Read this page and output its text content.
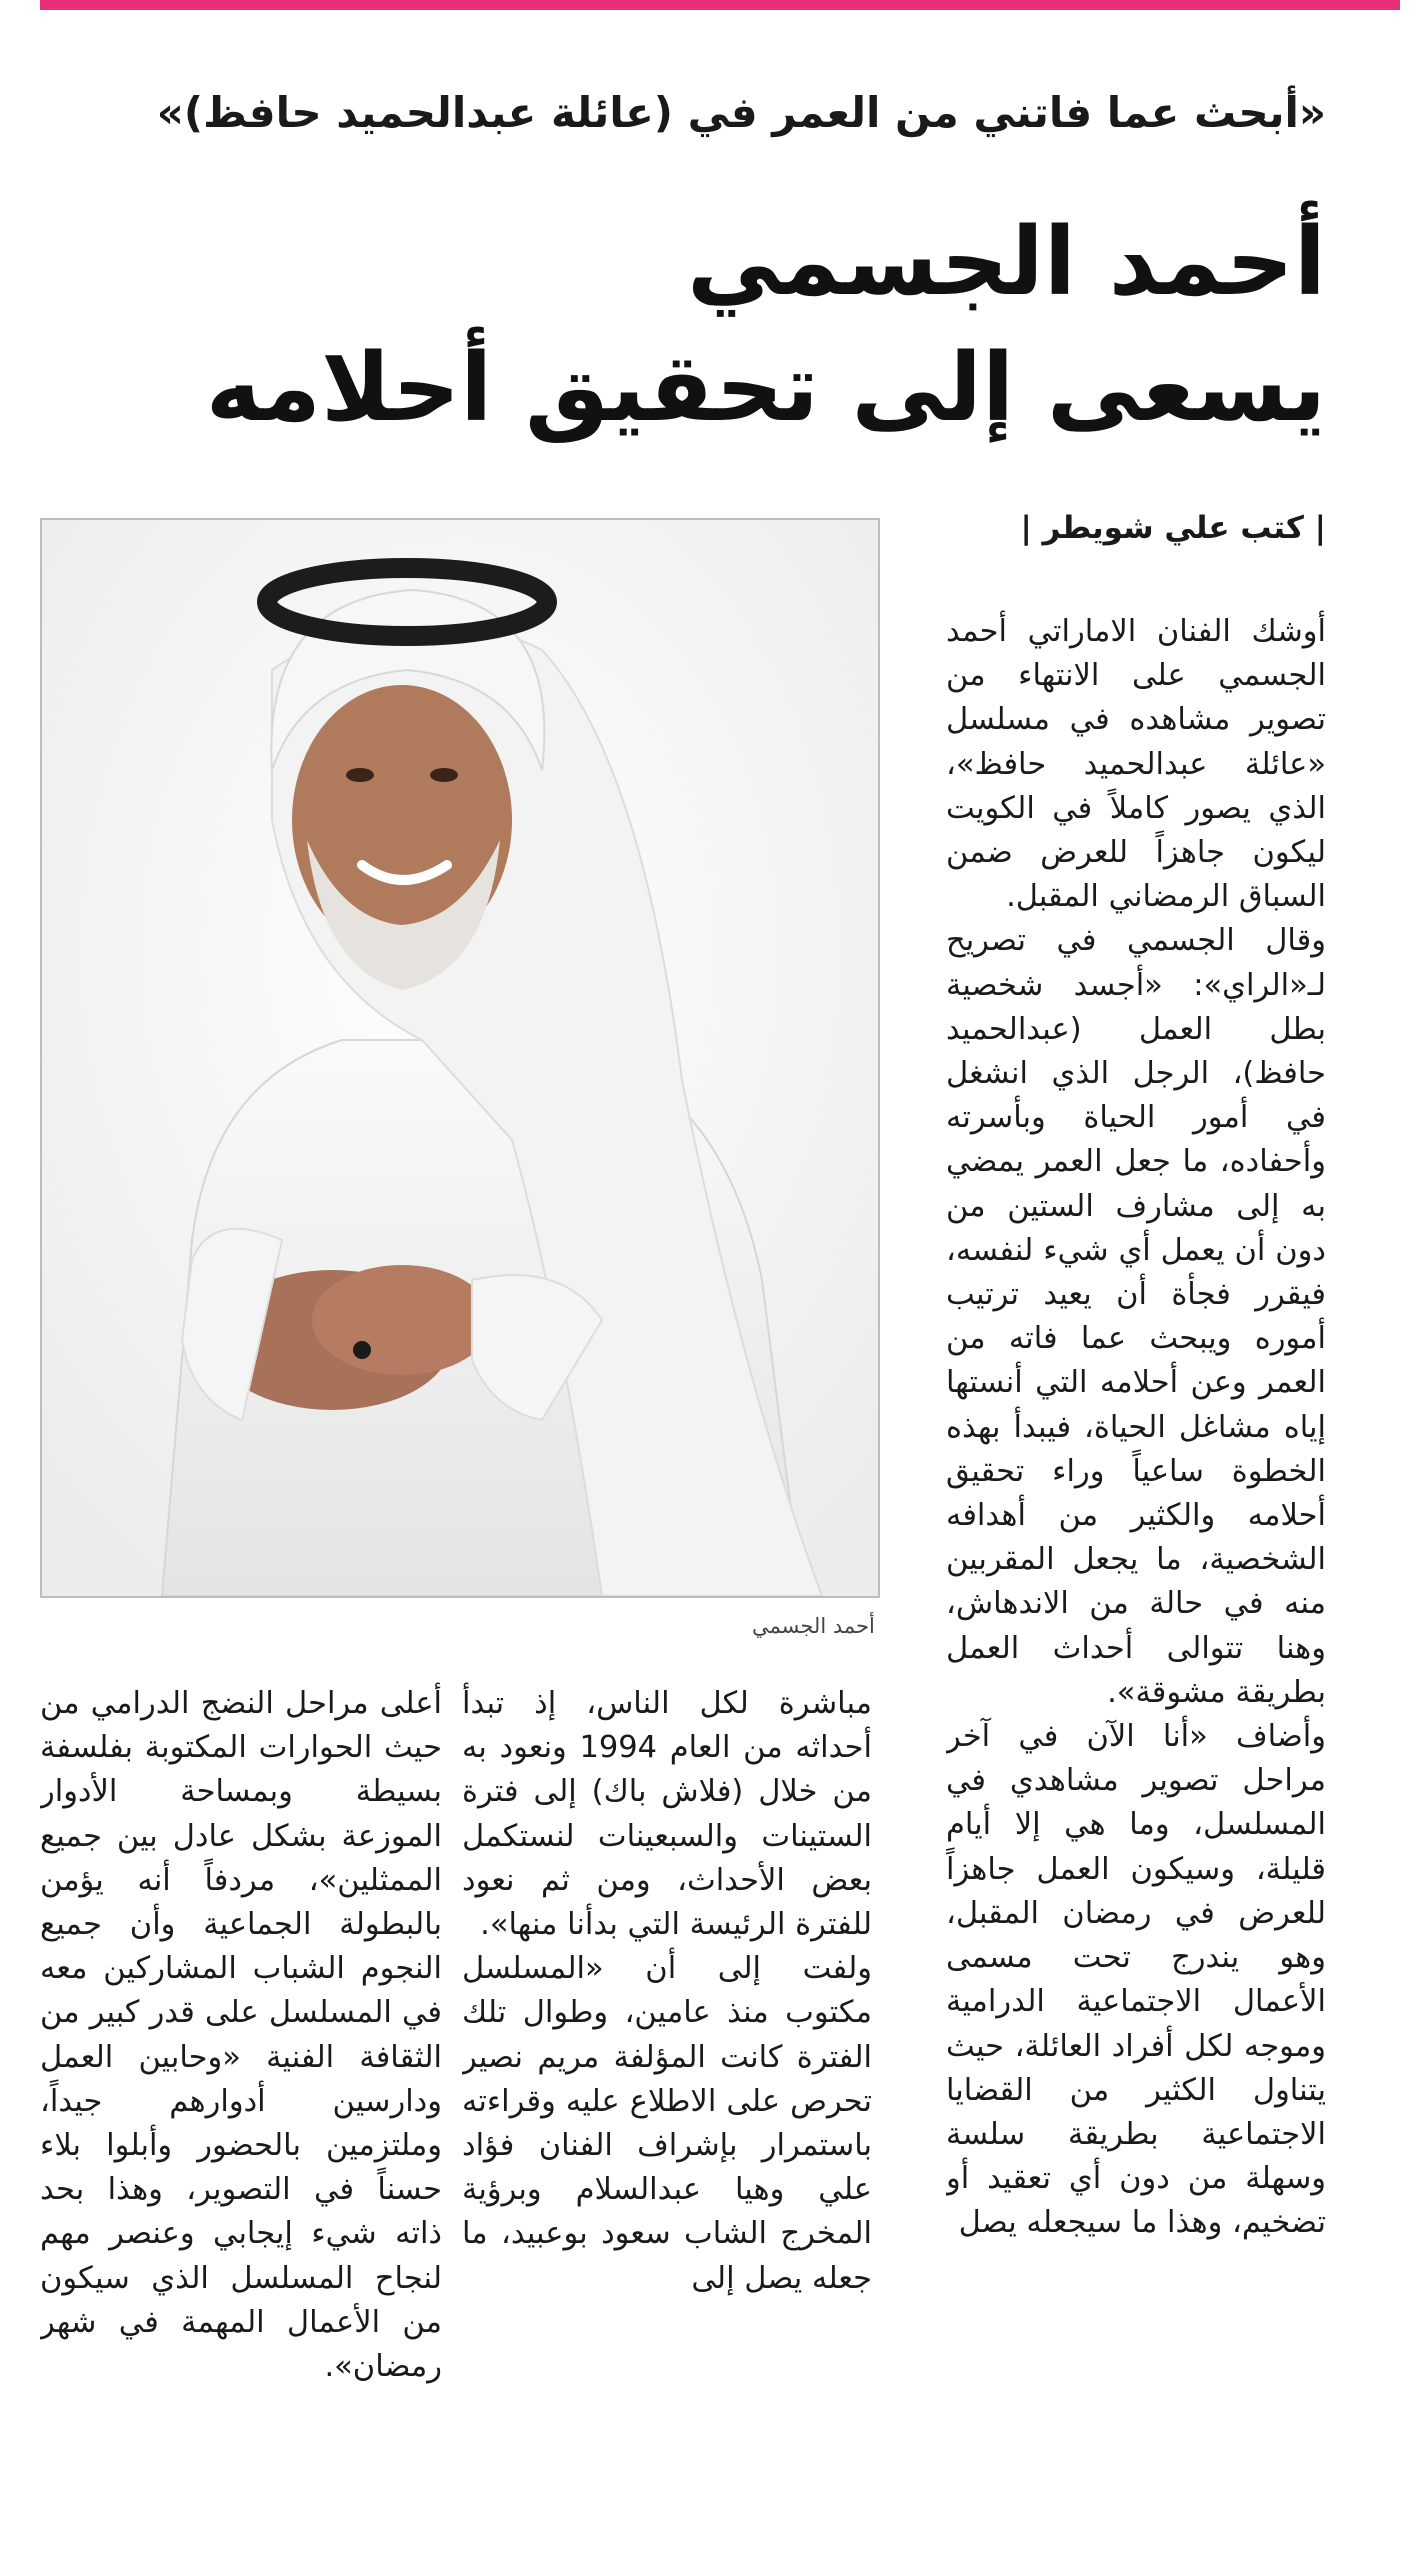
«أبحث عما فاتني من العمر في (عائلة عبدالحميد حافظ)»
أحمد الجسمي
يسعى إلى تحقيق أحلامه
| كتب علي شويطر |
أحمد الجسمي

أوشك الفنان الاماراتي أحمد الجسمي على الانتهاء من تصوير مشاهده في مسلسل «عائلة عبدالحميد حافظ»، الذي يصور كاملاً في الكويت ليكون جاهزاً للعرض ضمن السباق الرمضاني المقبل.

وقال الجسمي في تصريح لـ«الراي»: «أجسد شخصية بطل العمل (عبدالحميد حافظ)، الرجل الذي انشغل في أمور الحياة وبأسرته وأحفاده، ما جعل العمر يمضي به إلى مشارف الستين من دون أن يعمل أي شيء لنفسه، فيقرر فجأة أن يعيد ترتيب أموره ويبحث عما فاته من العمر وعن أحلامه التي أنستها إياه مشاغل الحياة، فيبدأ بهذه الخطوة ساعياً وراء تحقيق أحلامه والكثير من أهدافه الشخصية، ما يجعل المقربين منه في حالة من الاندهاش، وهنا تتوالى أحداث العمل بطريقة مشوقة».

وأضاف «أنا الآن في آخر مراحل تصوير مشاهدي في المسلسل، وما هي إلا أيام قليلة، وسيكون العمل جاهزاً للعرض في رمضان المقبل، وهو يندرج تحت مسمى الأعمال الاجتماعية الدرامية وموجه لكل أفراد العائلة، حيث يتناول الكثير من القضايا الاجتماعية بطريقة سلسة وسهلة من دون أي تعقيد أو تضخيم، وهذا ما سيجعله يصل

مباشرة لكل الناس، إذ تبدأ أحداثه من العام 1994 ونعود به من خلال (فلاش باك) إلى فترة الستينات والسبعينات لنستكمل بعض الأحداث، ومن ثم نعود للفترة الرئيسة التي بدأنا منها».

ولفت إلى أن «المسلسل مكتوب منذ عامين، وطوال تلك الفترة كانت المؤلفة مريم نصير تحرص على الاطلاع عليه وقراءته باستمرار بإشراف الفنان فؤاد علي وهيا عبدالسلام وبرؤية المخرج الشاب سعود بوعبيد، ما جعله يصل إلى

أعلى مراحل النضج الدرامي من حيث الحوارات المكتوبة بفلسفة بسيطة وبمساحة الأدوار الموزعة بشكل عادل بين جميع الممثلين»، مردفاً أنه يؤمن بالبطولة الجماعية وأن جميع النجوم الشباب المشاركين معه في المسلسل على قدر كبير من الثقافة الفنية «وحابين العمل ودارسين أدوارهم جيداً، وملتزمين بالحضور وأبلوا بلاء حسناً في التصوير، وهذا بحد ذاته شيء إيجابي وعنصر مهم لنجاح المسلسل الذي سيكون من الأعمال المهمة في شهر رمضان».
